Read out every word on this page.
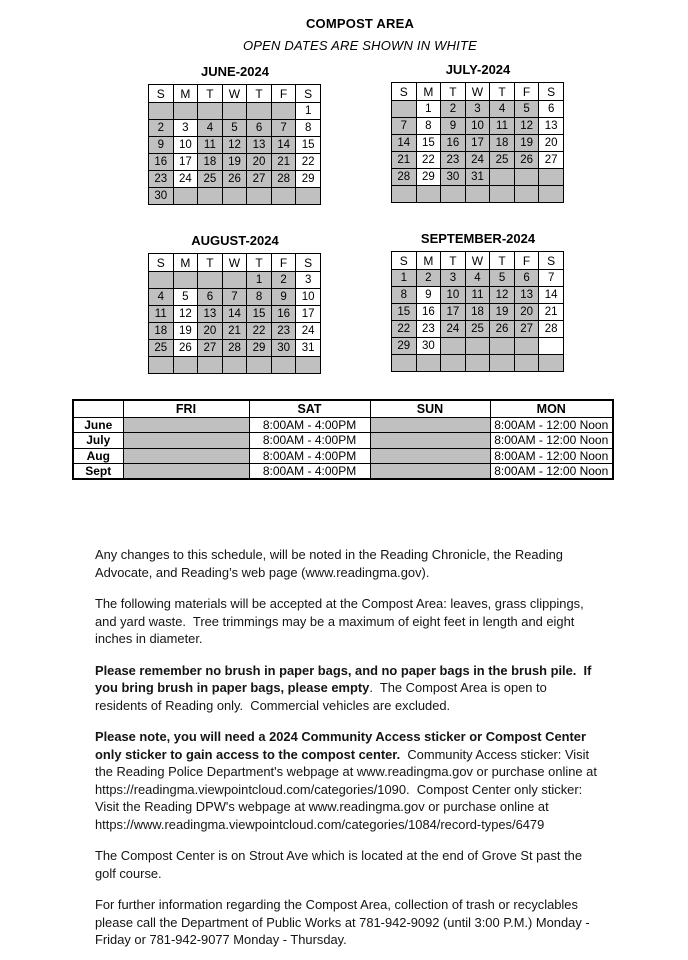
COMPOST AREA
OPEN DATES ARE SHOWN IN WHITE
JUNE-2024
S	M	T	W	T	F	S
						1
2	3	4	5	6	7	8
9	10	11	12	13	14	15
16	17	18	19	20	21	22
23	24	25	26	27	28	29
30						
JULY-2024
S	M	T	W	T	F	S
	1	2	3	4	5	6
7	8	9	10	11	12	13
14	15	16	17	18	19	20
21	22	23	24	25	26	27
28	29	30	31			

AUGUST-2024
S	M	T	W	T	F	S
				1	2	3
4	5	6	7	8	9	10
11	12	13	14	15	16	17
18	19	20	21	22	23	24
25	26	27	28	29	30	31

SEPTEMBER-2024
S	M	T	W	T	F	S
1	2	3	4	5	6	7
8	9	10	11	12	13	14
15	16	17	18	19	20	21
22	23	24	25	26	27	28
29	30					

	FRI	SAT	SUN	MON
June		8:00AM - 4:00PM		8:00AM - 12:00 Noon
July		8:00AM - 4:00PM		8:00AM - 12:00 Noon
Aug		8:00AM - 4:00PM		8:00AM - 12:00 Noon
Sept		8:00AM - 4:00PM		8:00AM - 12:00 Noon
Any changes to this schedule, will be noted in the Reading Chronicle, the Reading Advocate, and Reading’s web page (www.readingma.gov).
The following materials will be accepted at the Compost Area: leaves, grass clippings, and yard waste.  Tree trimmings may be a maximum of eight feet in length and eight inches in diameter.
Please remember no brush in paper bags, and no paper bags in the brush pile.  If you bring brush in paper bags, please empty.  The Compost Area is open to residents of Reading only.  Commercial vehicles are excluded.
Please note, you will need a 2024 Community Access sticker or Compost Center only sticker to gain access to the compost center.  Community Access sticker: Visit the Reading Police Department's webpage at www.readingma.gov or purchase online at https://readingma.viewpointcloud.com/categories/1090.  Compost Center only sticker: Visit the Reading DPW's webpage at www.readingma.gov or purchase online at https://www.readingma.viewpointcloud.com/categories/1084/record-types/6479
The Compost Center is on Strout Ave which is located at the end of Grove St past the golf course.
For further information regarding the Compost Area, collection of trash or recyclables please call the Department of Public Works at 781-942-9092 (until 3:00 P.M.) Monday - Friday or 781-942-9077 Monday - Thursday.
